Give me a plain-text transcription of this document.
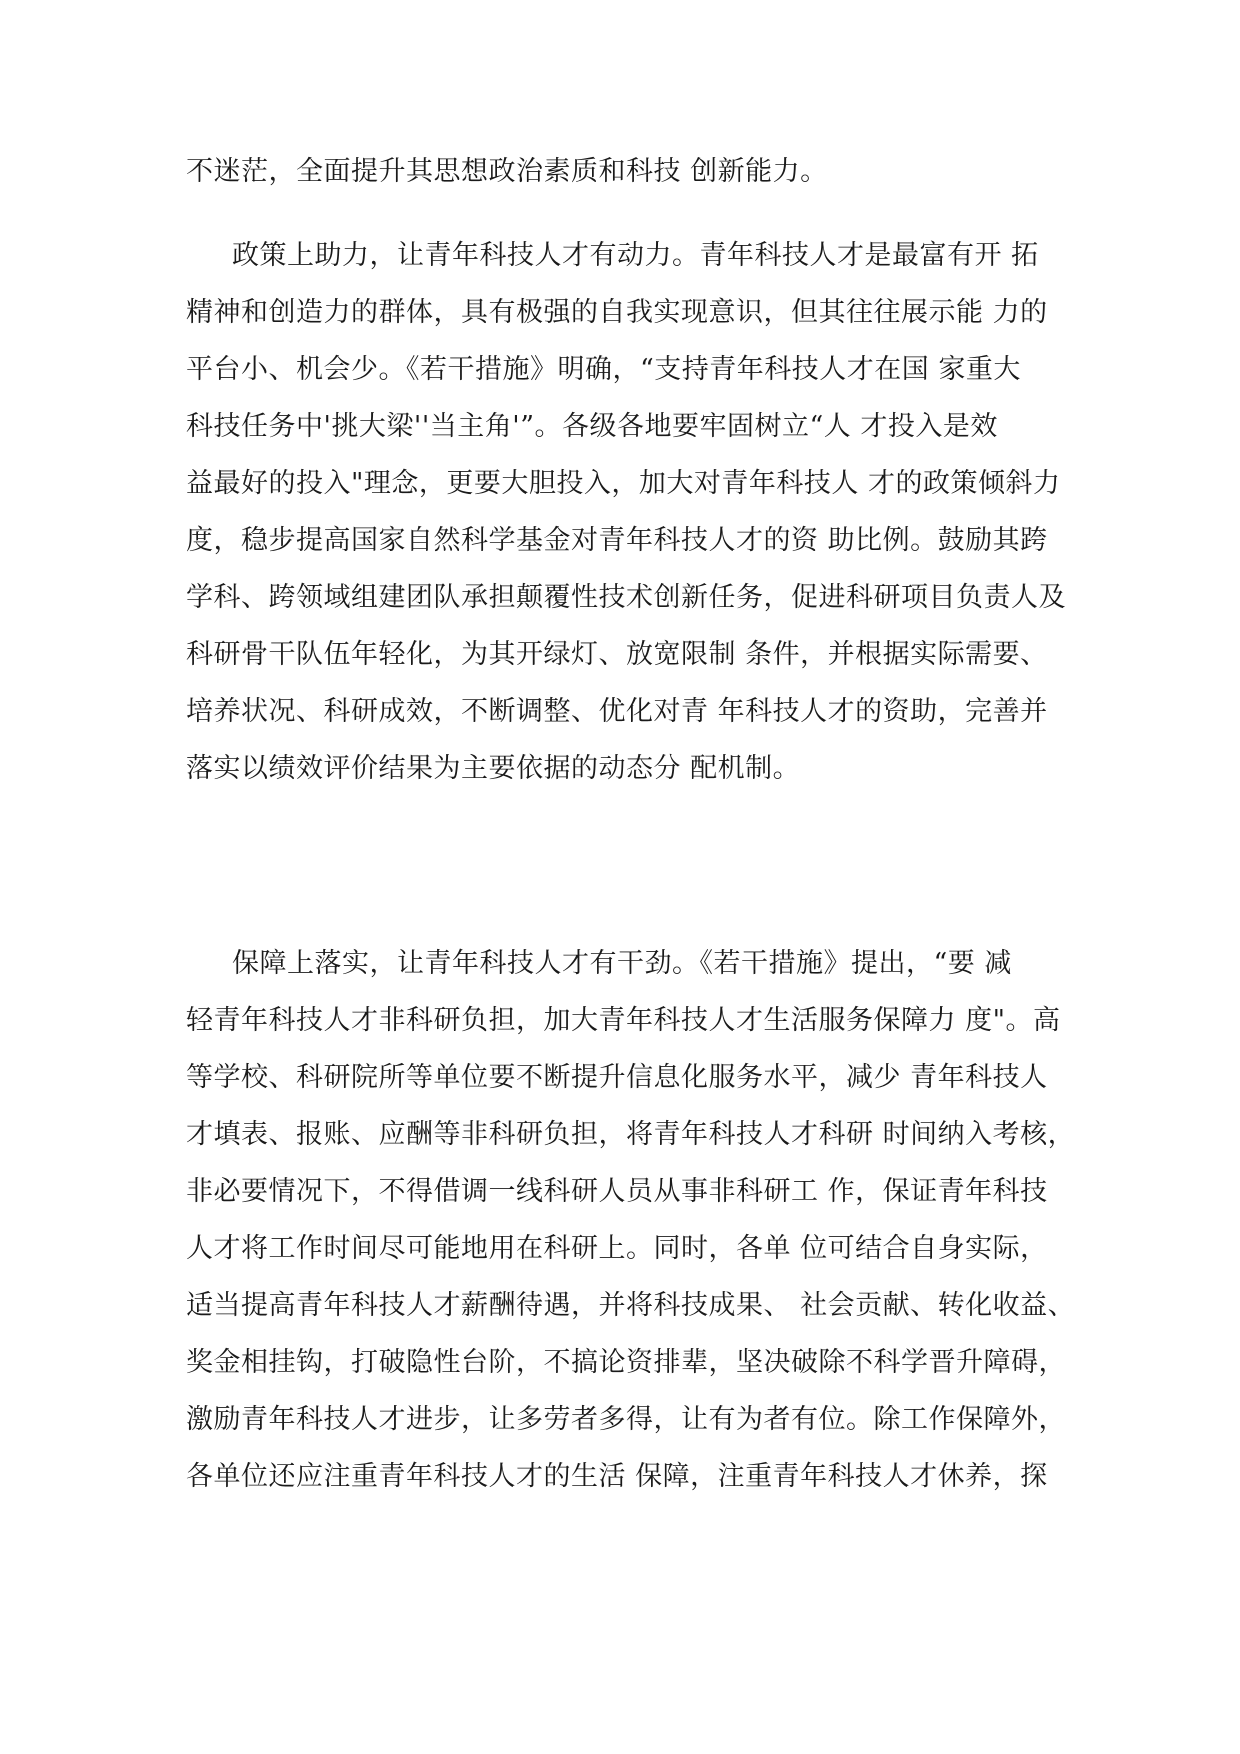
不迷茫，全面提升其思想政治素质和科技 创新能力。
政策上助力，让青年科技人才有动力。青年科技人才是最富有开 拓
精神和创造力的群体，具有极强的自我实现意识，但其往往展示能 力的
平台小、机会少。《若干措施》明确，“支持青年科技人才在国 家重大
科技任务中'挑大梁''当主角'”。各级各地要牢固树立“人 才投入是效
益最好的投入"理念，更要大胆投入，加大对青年科技人 才的政策倾斜力
度，稳步提高国家自然科学基金对青年科技人才的资 助比例。鼓励其跨
学科、跨领域组建团队承担颠覆性技术创新任务，促进科研项目负责人及
科研骨干队伍年轻化，为其开绿灯、放宽限制 条件，并根据实际需要、
培养状况、科研成效，不断调整、优化对青 年科技人才的资助，完善并
落实以绩效评价结果为主要依据的动态分 配机制。
保障上落实，让青年科技人才有干劲。《若干措施》提出，“要 减
轻青年科技人才非科研负担，加大青年科技人才生活服务保障力 度"。高
等学校、科研院所等单位要不断提升信息化服务水平，减少 青年科技人
才填表、报账、应酬等非科研负担，将青年科技人才科研 时间纳入考核，
非必要情况下，不得借调一线科研人员从事非科研工 作，保证青年科技
人才将工作时间尽可能地用在科研上。同时，各单 位可结合自身实际，
适当提高青年科技人才薪酬待遇，并将科技成果、 社会贡献、转化收益、
奖金相挂钩，打破隐性台阶，不搞论资排辈，坚决破除不科学晋升障碍，
激励青年科技人才进步，让多劳者多得，让有为者有位。除工作保障外，
各单位还应注重青年科技人才的生活 保障，注重青年科技人才休养，探
